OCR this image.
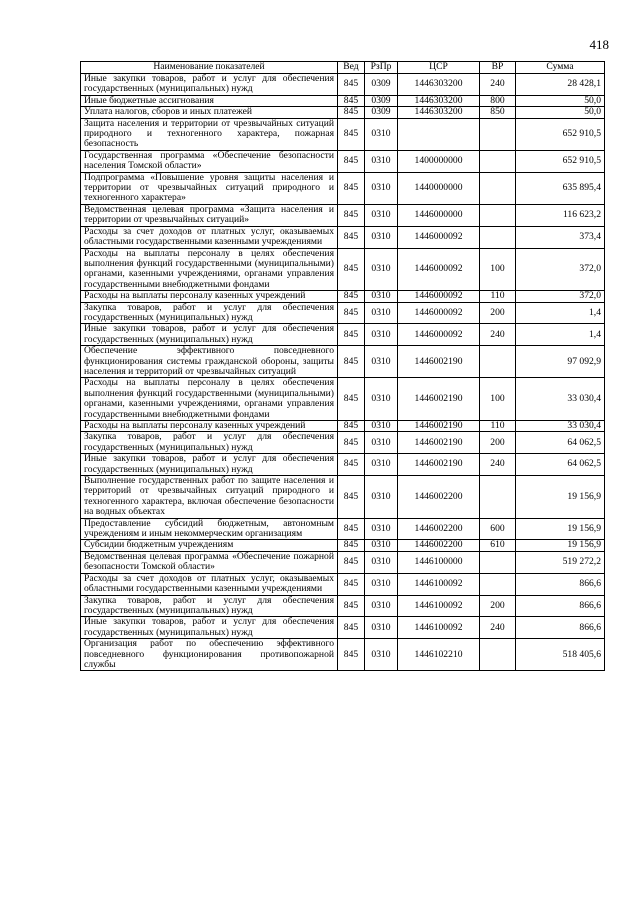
418
Наименование показателей	Вед	РзПр	ЦСР	ВР	Сумма
Иные закупки товаров, работ и услуг для обеспечения государственных (муниципальных) нужд	845	0309	1446303200	240	28 428,1
Иные бюджетные ассигнования	845	0309	1446303200	800	50,0
Уплата налогов, сборов и иных платежей	845	0309	1446303200	850	50,0
Защита населения и территории от чрезвычайных ситуаций природного и техногенного характера, пожарная безопасность	845	0310			652 910,5
Государственная программа «Обеспечение безопасности населения Томской области»	845	0310	1400000000		652 910,5
Подпрограмма «Повышение уровня защиты населения и территории от чрезвычайных ситуаций природного и техногенного характера»	845	0310	1440000000		635 895,4
Ведомственная целевая программа «Защита населения и территории от чрезвычайных ситуаций»	845	0310	1446000000		116 623,2
Расходы за счет доходов от платных услуг, оказываемых областными государственными казенными учреждениями	845	0310	1446000092		373,4
Расходы на выплаты персоналу в целях обеспечения выполнения функций государственными (муниципальными) органами, казенными учреждениями, органами управления государственными внебюджетными фондами	845	0310	1446000092	100	372,0
Расходы на выплаты персоналу казенных учреждений	845	0310	1446000092	110	372,0
Закупка товаров, работ и услуг для обеспечения государственных (муниципальных) нужд	845	0310	1446000092	200	1,4
Иные закупки товаров, работ и услуг для обеспечения государственных (муниципальных) нужд	845	0310	1446000092	240	1,4
Обеспечение эффективного повседневного функционирования системы гражданской обороны, защиты населения и территорий от чрезвычайных ситуаций	845	0310	1446002190		97 092,9
Расходы на выплаты персоналу в целях обеспечения выполнения функций государственными (муниципальными) органами, казенными учреждениями, органами управления государственными внебюджетными фондами	845	0310	1446002190	100	33 030,4
Расходы на выплаты персоналу казенных учреждений	845	0310	1446002190	110	33 030,4
Закупка товаров, работ и услуг для обеспечения государственных (муниципальных) нужд	845	0310	1446002190	200	64 062,5
Иные закупки товаров, работ и услуг для обеспечения государственных (муниципальных) нужд	845	0310	1446002190	240	64 062,5
Выполнение государственных работ по защите населения и территорий от чрезвычайных ситуаций природного и техногенного характера, включая обеспечение безопасности на водных объектах	845	0310	1446002200		19 156,9
Предоставление субсидий бюджетным, автономным учреждениям и иным некоммерческим организациям	845	0310	1446002200	600	19 156,9
Субсидии бюджетным учреждениям	845	0310	1446002200	610	19 156,9
Ведомственная целевая программа «Обеспечение пожарной безопасности Томской области»	845	0310	1446100000		519 272,2
Расходы за счет доходов от платных услуг, оказываемых областными государственными казенными учреждениями	845	0310	1446100092		866,6
Закупка товаров, работ и услуг для обеспечения государственных (муниципальных) нужд	845	0310	1446100092	200	866,6
Иные закупки товаров, работ и услуг для обеспечения государственных (муниципальных) нужд	845	0310	1446100092	240	866,6
Организация работ по обеспечению эффективного повседневного функционирования противопожарной службы	845	0310	1446102210		518 405,6
